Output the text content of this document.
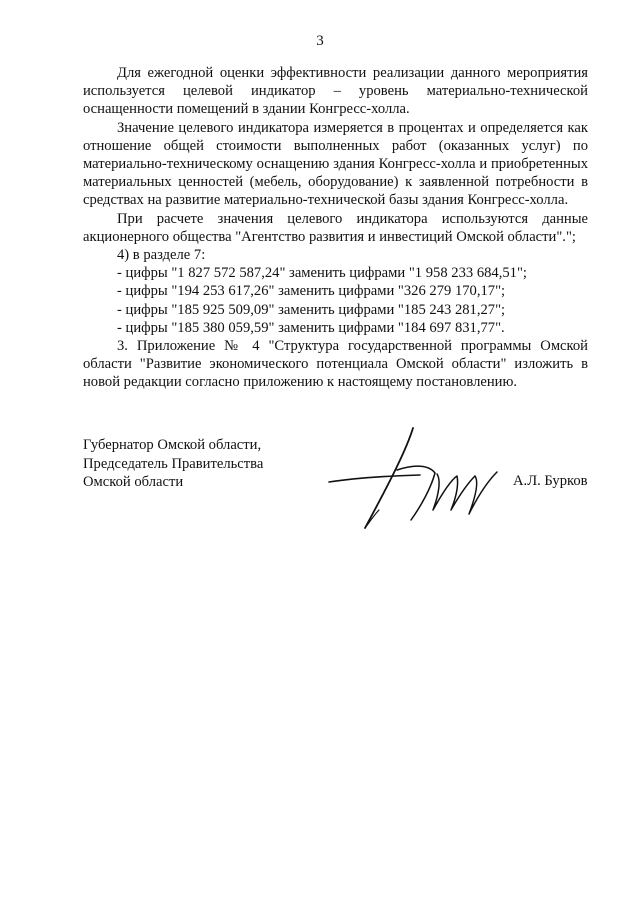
3

Для ежегодной оценки эффективности реализации данного мероприятия используется целевой индикатор – уровень материально-технической оснащенности помещений в здании Конгресс-холла.

Значение целевого индикатора измеряется в процентах и определяется как отношение общей стоимости выполненных работ (оказанных услуг) по материально-техническому оснащению здания Конгресс-холла и приобретенных материальных ценностей (мебель, оборудование) к заявленной потребности в средствах на развитие материально-технической базы здания Конгресс-холла.

При расчете значения целевого индикатора используются данные акционерного общества "Агентство развития и инвестиций Омской области".";

4) в разделе 7:

- цифры "1 827 572 587,24" заменить цифрами "1 958 233 684,51";

- цифры "194 253 617,26" заменить цифрами "326 279 170,17";

- цифры "185 925 509,09" заменить цифрами "185 243 281,27";

- цифры "185 380 059,59" заменить цифрами "184 697 831,77".

3. Приложение № 4 "Структура государственной программы Омской области "Развитие экономического потенциала Омской области" изложить в новой редакции согласно приложению к настоящему постановлению.

Губернатор Омской области,
Председатель Правительства
Омской области	А.Л. Бурков
